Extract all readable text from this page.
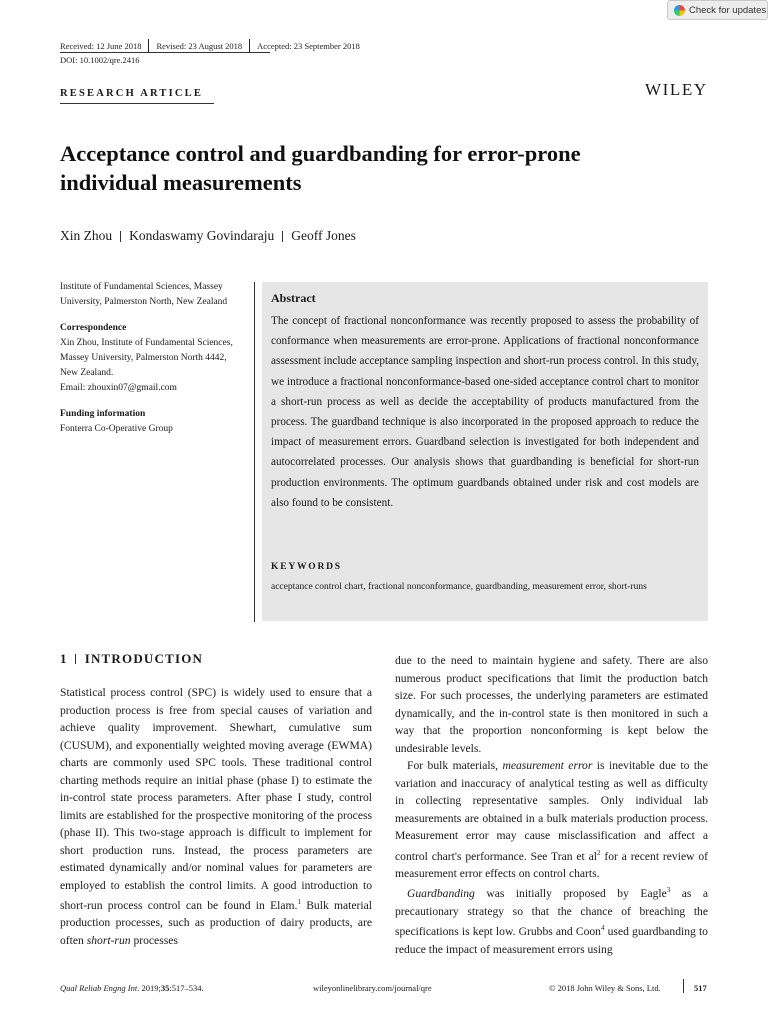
Check for updates
Received: 12 June 2018 Revised: 23 August 2018 Accepted: 23 September 2018
DOI: 10.1002/qre.2416
RESEARCH ARTICLE	WILEY
Acceptance control and guardbanding for error-prone individual measurements
Xin Zhou Kondaswamy Govindaraju Geoff Jones
Institute of Fundamental Sciences, Massey University, Palmerston North, New Zealand
Correspondence
Xin Zhou, Institute of Fundamental Sciences, Massey University, Palmerston North 4442, New Zealand.
Email: zhouxin07@gmail.com
Funding information
Fonterra Co-Operative Group
Abstract
The concept of fractional nonconformance was recently proposed to assess the probability of conformance when measurements are error-prone. Applications of fractional nonconformance assessment include acceptance sampling inspection and short-run process control. In this study, we introduce a fractional nonconformance-based one-sided acceptance control chart to monitor a short-run process as well as decide the acceptability of products manufactured from the process. The guardband technique is also incorporated in the proposed approach to reduce the impact of measurement errors. Guardband selection is investigated for both independent and autocorrelated processes. Our analysis shows that guardbanding is beneficial for short-run production environments. The optimum guardbands obtained under risk and cost models are also found to be consistent.
KEYWORDS
acceptance control chart, fractional nonconformance, guardbanding, measurement error, short-runs
1 INTRODUCTION

Statistical process control (SPC) is widely used to ensure that a production process is free from special causes of variation and achieve quality improvement. Shewhart, cumulative sum (CUSUM), and exponentially weighted moving average (EWMA) charts are commonly used SPC tools. These traditional control charting methods require an initial phase (phase I) to estimate the in-control state process parameters. After phase I study, control limits are established for the prospective monitoring of the process (phase II). This two-stage approach is difficult to implement for short production runs. Instead, the process parameters are estimated dynamically and/or nominal values for parameters are employed to establish the control limits. A good introduction to short-run process control can be found in Elam.$^1$ Bulk material production processes, such as production of dairy products, are often short-run processes

due to the need to maintain hygiene and safety. There are also numerous product specifications that limit the production batch size. For such processes, the underlying parameters are estimated dynamically, and the in-control state is then monitored in such a way that the proportion nonconforming is kept below the undesirable levels.

For bulk materials, measurement error is inevitable due to the variation and inaccuracy of analytical testing as well as difficulty in collecting representative samples. Only individual lab measurements are obtained in a bulk materials production process. Measurement error may cause misclassification and affect a control chart's performance. See Tran et $al^2$ for a recent review of measurement error effects on control charts.

Guardbanding was initially proposed by Eagle$^3$ as a precautionary strategy so that the chance of breaching the specifications is kept low. Grubbs and Coon$^4$ used guardbanding to reduce the impact of measurement errors using

Qual Reliab Engng Int. 2019;35:517–534.	wileyonlinelibrary.com/journal/qre	© 2018 John Wiley & Sons, Ltd.	517
